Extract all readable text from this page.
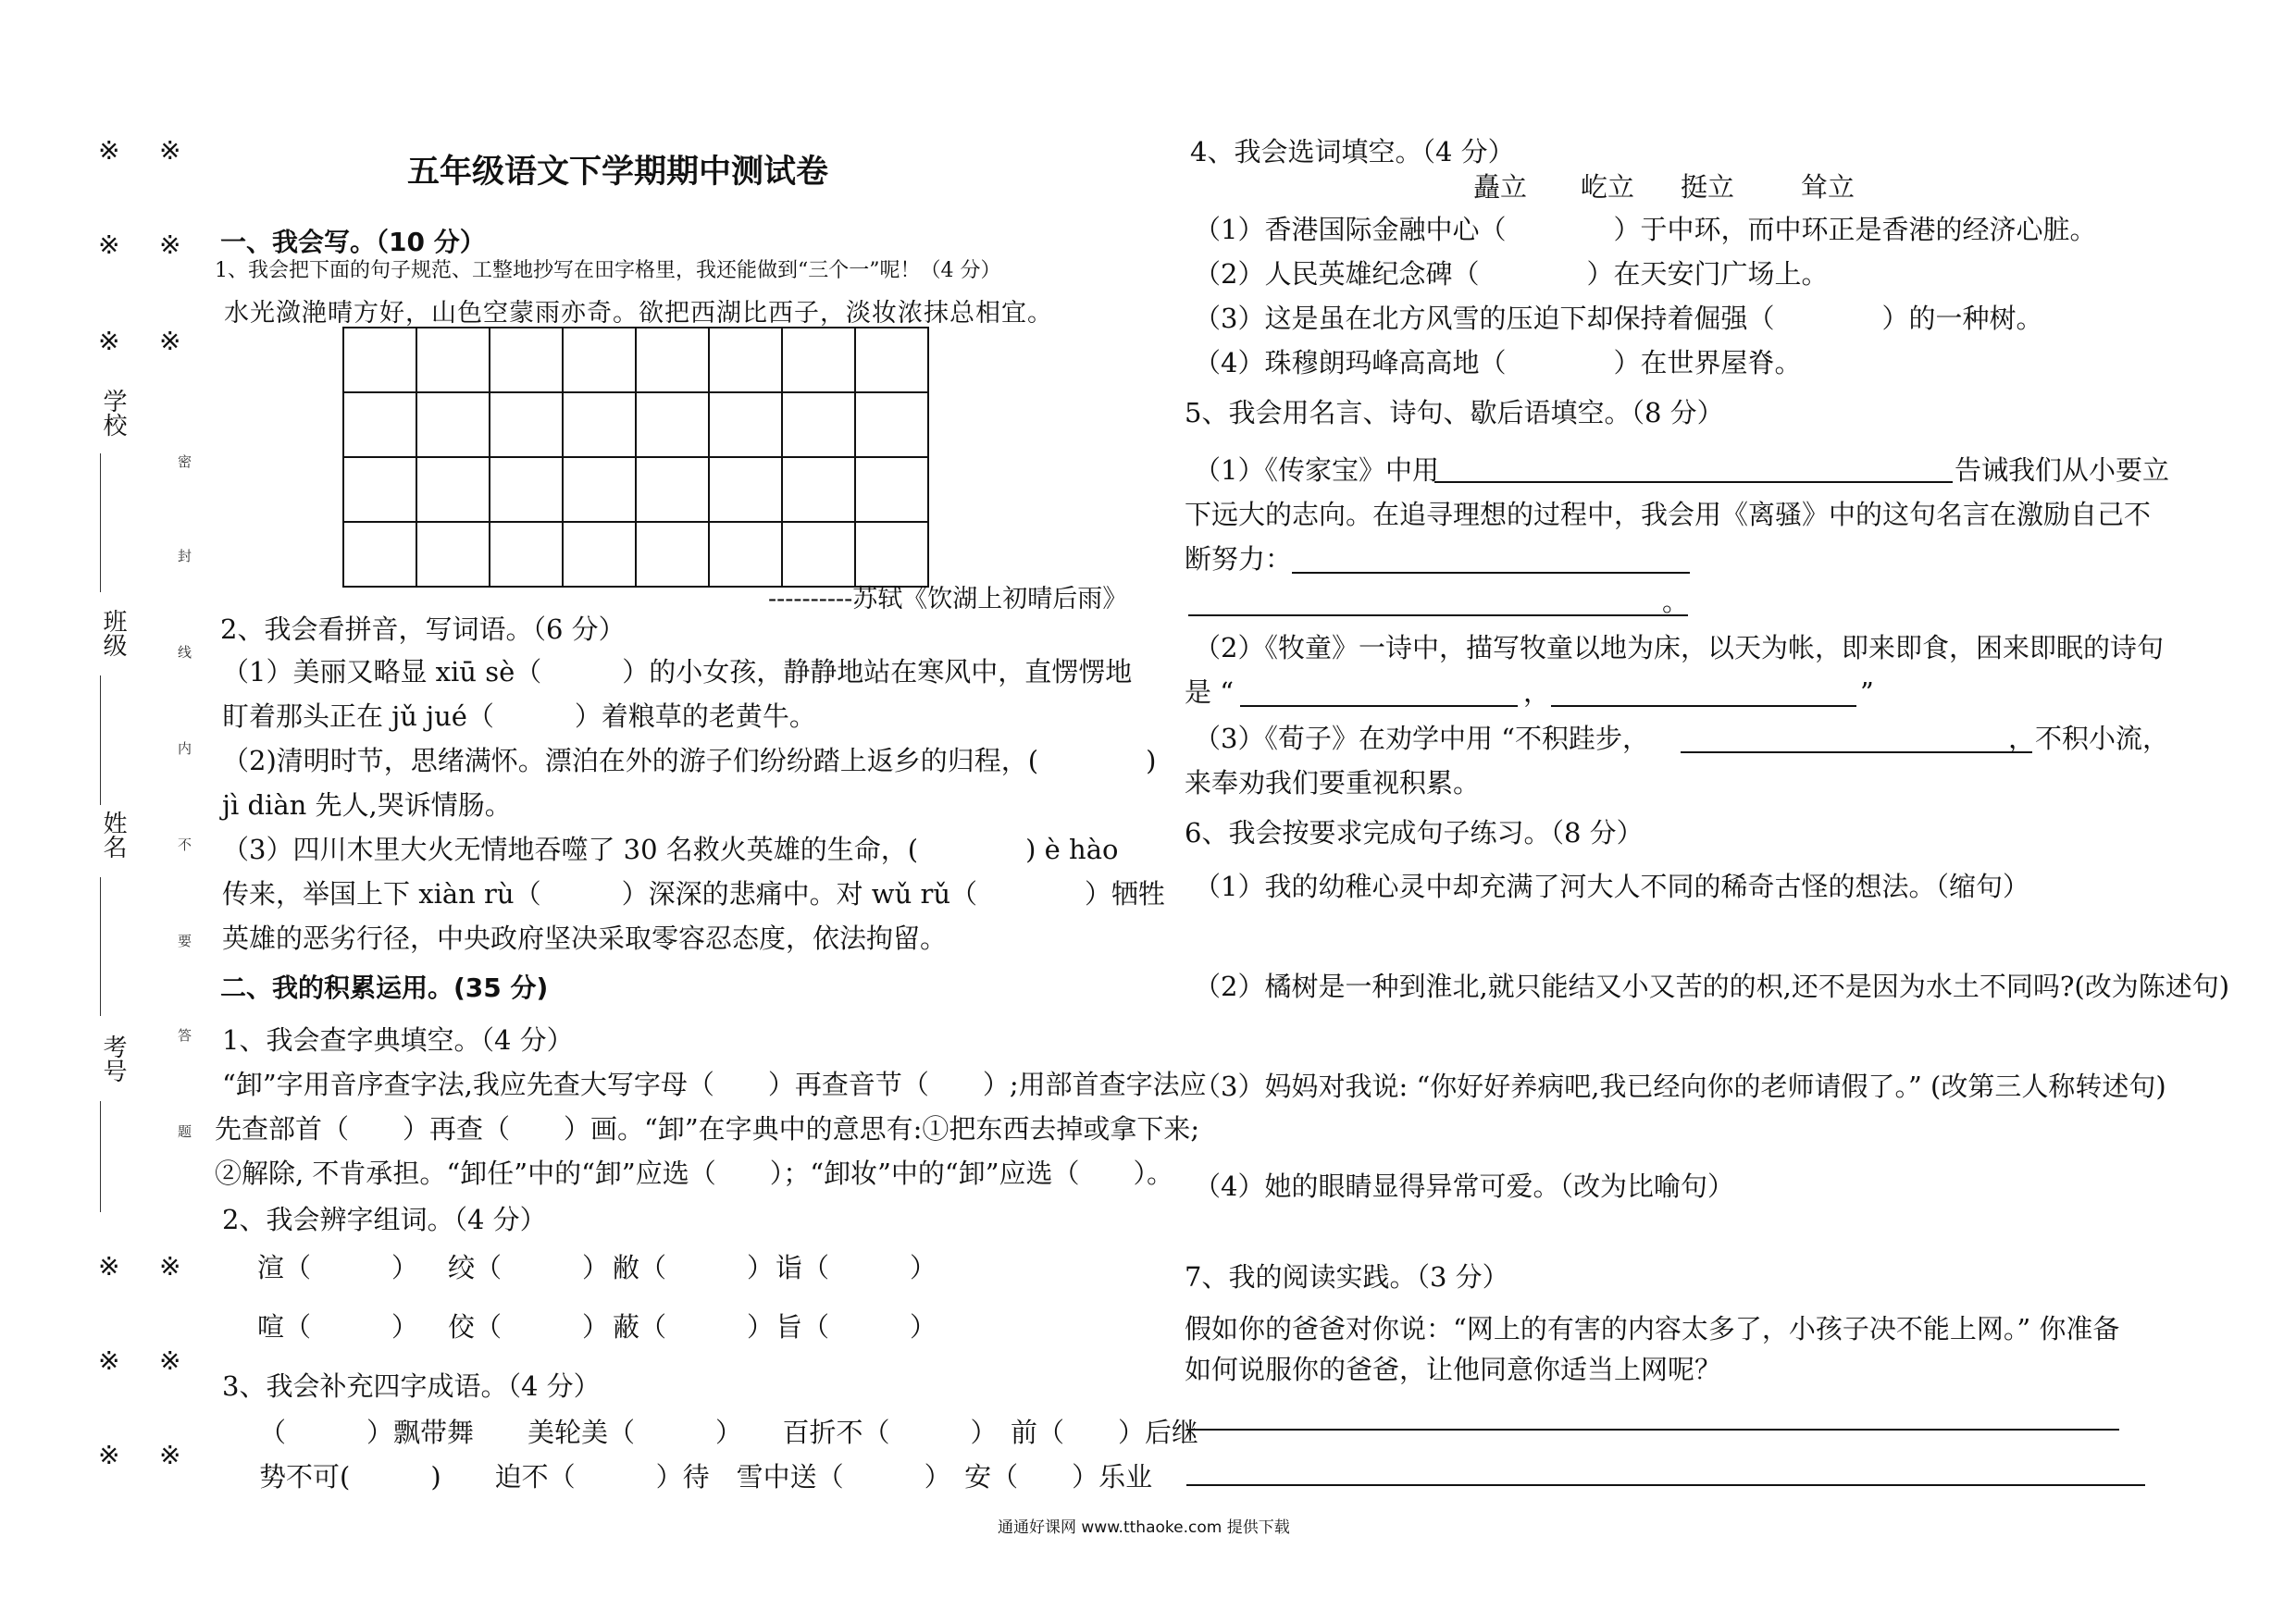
※ ※
※ ※
※ ※
※ ※
※ ※
※ ※
学校
班级
姓名
考号
密
封
线
内
不
要
答
题
五年级语文下学期期中测试卷
一、我会写。（10 分）
1、我会把下面的句子规范、工整地抄写在田字格里，我还能做到“三个一”呢！（4 分）
水光潋滟晴方好，山色空蒙雨亦奇。欲把西湖比西子，淡妆浓抹总相宜。
----------苏轼《饮湖上初晴后雨》
2、我会看拼音，写词语。（6 分）
（1）美丽又略显 xiū sè（　　　）的小女孩，静静地站在寒风中，直愣愣地
盯着那头正在 jǔ jué（　　　）着粮草的老黄牛。
（2)清明时节，思绪满怀。漂泊在外的游子们纷纷踏上返乡的归程，(　　　　)
jì diàn 先人,哭诉情肠。
（3）四川木里大火无情地吞噬了 30 名救火英雄的生命，(　　　　) è hào
传来，举国上下 xiàn rù（　　　）深深的悲痛中。对 wǔ rǔ（　　　　）牺牲
英雄的恶劣行径，中央政府坚决采取零容忍态度，依法拘留。
二、我的积累运用。(35 分)
1、我会查字典填空。（4 分）
“卸”字用音序查字法,我应先查大写字母（　　）再查音节（　　）;用部首查字法应
先查部首（　　）再查（　　）画。“卸”在字典中的意思有:①把东西去掉或拿下来;
②解除, 不肯承担。“卸任”中的“卸”应选（　　）；“卸妆”中的“卸”应选（　　）。
2、我会辨字组词。（4 分）
渲（　　　） 绞（　　　） 敝（　　　） 诣（　　　）
喧（　　　） 佼（　　　） 蔽（　　　） 旨（　　　）
3、我会补充四字成语。（4 分）
（　　　）飘带舞　　美轮美（　　　）　　百折不（　　　）　前（　　）后继
势不可(　　　)　　迫不（　　　）待　雪中送（　　　）　安（　　）乐业
4、我会选词填空。（4 分）
矗立 屹立 挺立 耸立
（1）香港国际金融中心（　　　　）于中环，而中环正是香港的经济心脏。
（2）人民英雄纪念碑（　　　　）在天安门广场上。
（3）这是虽在北方风雪的压迫下却保持着倔强（　　　　）的一种树。
（4）珠穆朗玛峰高高地（　　　　）在世界屋脊。
5、我会用名言、诗句、歇后语填空。（8 分）
（1）《传家宝》中用	告诫我们从小要立
下远大的志向。在追寻理想的过程中，我会用《离骚》中的这句名言在激励自己不
断努力：
。
（2）《牧童》一诗中，描写牧童以地为床，以天为帐，即来即食，困来即眠的诗句
是 “	，	”
（3）《荀子》在劝学中用 “不积跬步，	，不积小流，
来奉劝我们要重视积累。
6、我会按要求完成句子练习。（8 分）
（1）我的幼稚心灵中却充满了河大人不同的稀奇古怪的想法。（缩句）
（2）橘树是一种到淮北,就只能结又小又苦的的枳,还不是因为水土不同吗?(改为陈述句)
（3）妈妈对我说: “你好好养病吧,我已经向你的老师请假了。” (改第三人称转述句)
（4）她的眼睛显得异常可爱。（改为比喻句）
7、我的阅读实践。（3 分）
假如你的爸爸对你说：“网上的有害的内容太多了，小孩子决不能上网。” 你准备
如何说服你的爸爸，让他同意你适当上网呢？
通通好课网 www.tthaoke.com 提供下载
